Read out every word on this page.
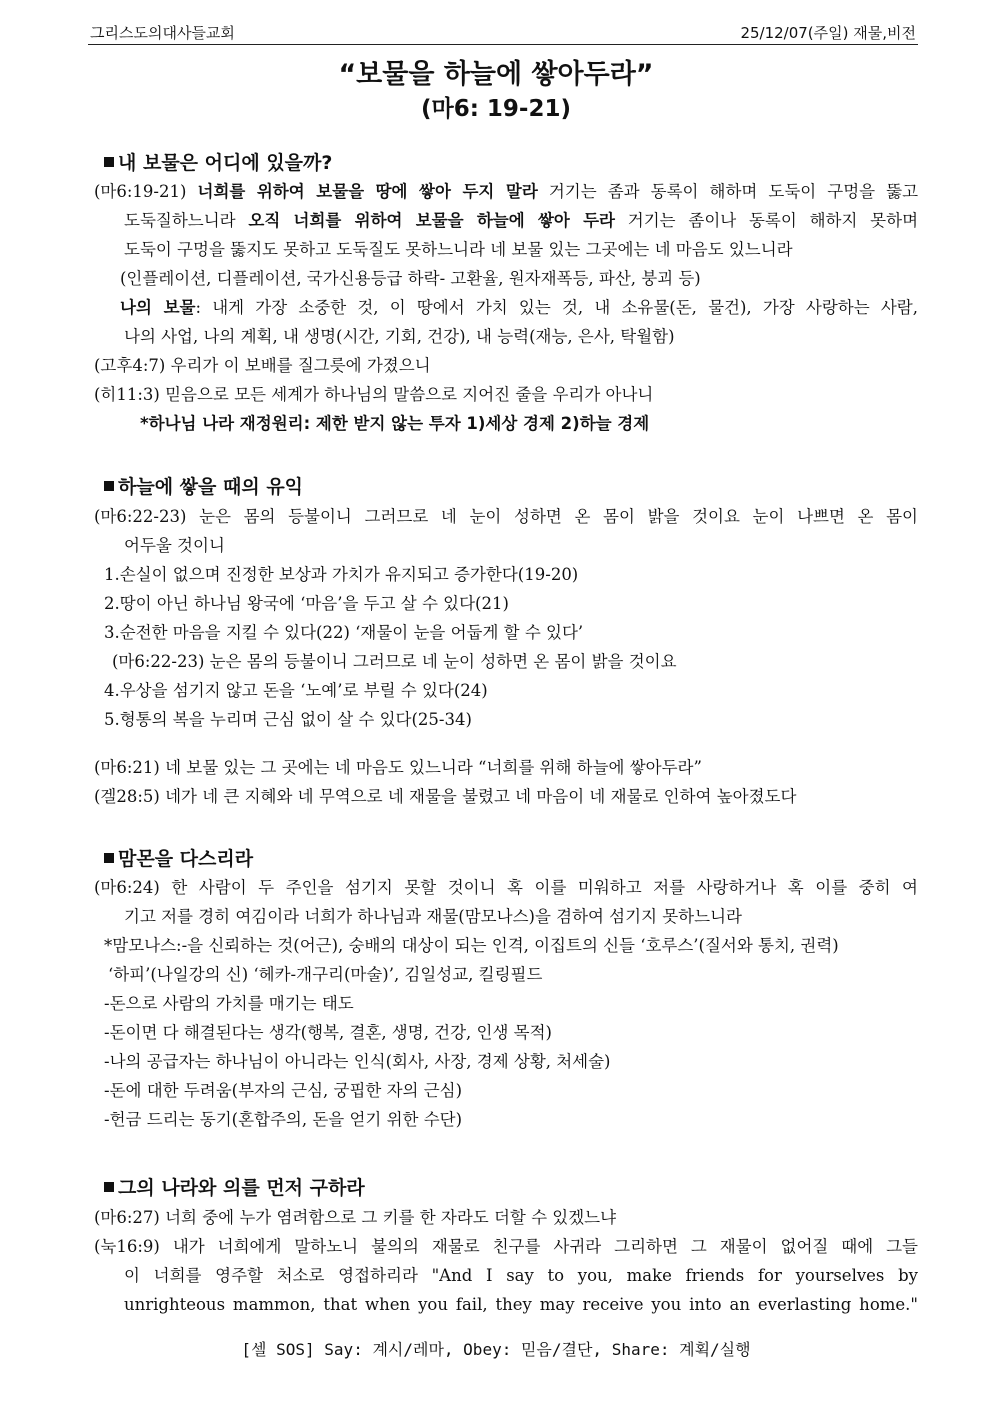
그리스도의대사들교회	25/12/07(주일) 재물,비전
“보물을 하늘에 쌓아두라”
(마6: 19-21)
내 보물은 어디에 있을까?
(마6:19-21) 너희를 위하여 보물을 땅에 쌓아 두지 말라 거기는 좀과 동록이 해하며 도둑이 구멍을 뚫고
도둑질하느니라 오직 너희를 위하여 보물을 하늘에 쌓아 두라 거기는 좀이나 동록이 해하지 못하며
도둑이 구멍을 뚫지도 못하고 도둑질도 못하느니라 네 보물 있는 그곳에는 네 마음도 있느니라
(인플레이션, 디플레이션, 국가신용등급 하락- 고환율, 원자재폭등, 파산, 붕괴 등)
나의 보물: 내게 가장 소중한 것, 이 땅에서 가치 있는 것, 내 소유물(돈, 물건), 가장 사랑하는 사람,
나의 사업, 나의 계획, 내 생명(시간, 기회, 건강), 내 능력(재능, 은사, 탁월함)
(고후4:7) 우리가 이 보배를 질그릇에 가졌으니
(히11:3) 믿음으로 모든 세계가 하나님의 말씀으로 지어진 줄을 우리가 아나니
*하나님 나라 재정원리: 제한 받지 않는 투자 1)세상 경제 2)하늘 경제
하늘에 쌓을 때의 유익
(마6:22-23) 눈은 몸의 등불이니 그러므로 네 눈이 성하면 온 몸이 밝을 것이요 눈이 나쁘면 온 몸이
어두울 것이니
1.손실이 없으며 진정한 보상과 가치가 유지되고 증가한다(19-20)
2.땅이 아닌 하나님 왕국에 ‘마음’을 두고 살 수 있다(21)
3.순전한 마음을 지킬 수 있다(22) ‘재물이 눈을 어둡게 할 수 있다’
(마6:22-23) 눈은 몸의 등불이니 그러므로 네 눈이 성하면 온 몸이 밝을 것이요
4.우상을 섬기지 않고 돈을 ‘노예’로 부릴 수 있다(24)
5.형통의 복을 누리며 근심 없이 살 수 있다(25-34)
(마6:21) 네 보물 있는 그 곳에는 네 마음도 있느니라 “너희를 위해 하늘에 쌓아두라”
(겔28:5) 네가 네 큰 지혜와 네 무역으로 네 재물을 불렸고 네 마음이 네 재물로 인하여 높아졌도다
맘몬을 다스리라
(마6:24) 한 사람이 두 주인을 섬기지 못할 것이니 혹 이를 미워하고 저를 사랑하거나 혹 이를 중히 여
기고 저를 경히 여김이라 너희가 하나님과 재물(맘모나스)을 겸하여 섬기지 못하느니라
*맘모나스:-을 신뢰하는 것(어근), 숭배의 대상이 되는 인격, 이집트의 신들 ‘호루스’(질서와 통치, 권력)
‘하피’(나일강의 신) ‘헤카-개구리(마술)’, 김일성교, 킬링필드
-돈으로 사람의 가치를 매기는 태도
-돈이면 다 해결된다는 생각(행복, 결혼, 생명, 건강, 인생 목적)
-나의 공급자는 하나님이 아니라는 인식(회사, 사장, 경제 상황, 처세술)
-돈에 대한 두려움(부자의 근심, 궁핍한 자의 근심)
-헌금 드리는 동기(혼합주의, 돈을 얻기 위한 수단)
그의 나라와 의를 먼저 구하라
(마6:27) 너희 중에 누가 염려함으로 그 키를 한 자라도 더할 수 있겠느냐
(눅16:9) 내가 너희에게 말하노니 불의의 재물로 친구를 사귀라 그리하면 그 재물이 없어질 때에 그들
이 너희를 영주할 처소로 영접하리라 "And I say to you, make friends for yourselves by
unrighteous mammon, that when you fail, they may receive you into an everlasting home."
[셀 SOS] Say: 계시/레마, Obey: 믿음/결단, Share: 계획/실행
